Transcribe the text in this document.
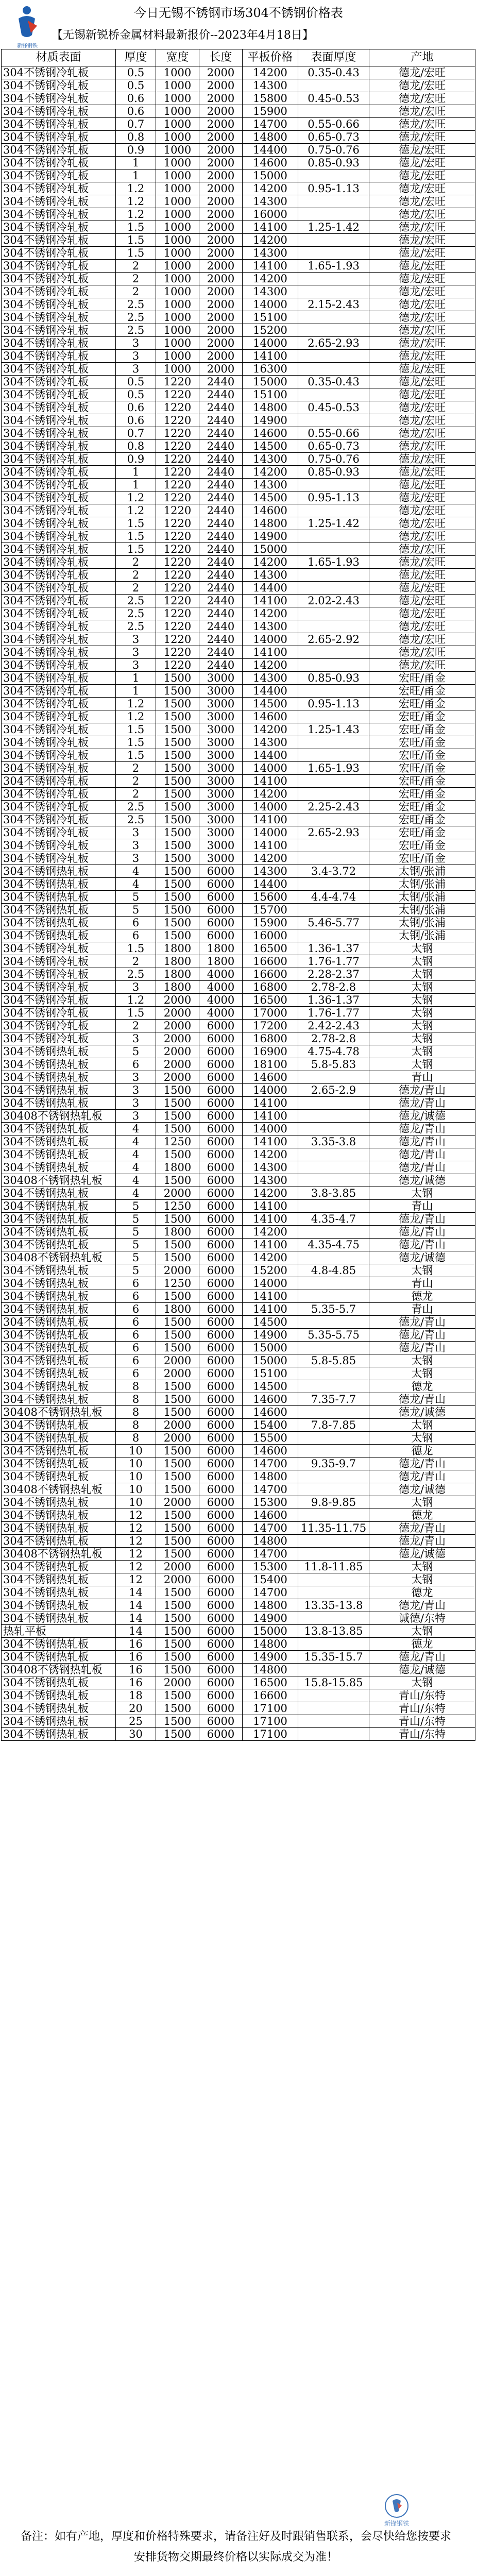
新锋钢铁
今日无锡不锈钢市场304不锈钢价格表
【无锡新锐桥金属材料最新报价--2023年4月18日】
材质表面	厚度	宽度	长度	平板价格	表面厚度	产地
304不锈钢冷轧板	0.5	1000	2000	14200	0.35-0.43	德龙/宏旺
304不锈钢冷轧板	0.5	1000	2000	14300		德龙/宏旺
304不锈钢冷轧板	0.6	1000	2000	15800	0.45-0.53	德龙/宏旺
304不锈钢冷轧板	0.6	1000	2000	15900		德龙/宏旺
304不锈钢冷轧板	0.7	1000	2000	14700	0.55-0.66	德龙/宏旺
304不锈钢冷轧板	0.8	1000	2000	14800	0.65-0.73	德龙/宏旺
304不锈钢冷轧板	0.9	1000	2000	14400	0.75-0.76	德龙/宏旺
304不锈钢冷轧板	1	1000	2000	14600	0.85-0.93	德龙/宏旺
304不锈钢冷轧板	1	1000	2000	15000		德龙/宏旺
304不锈钢冷轧板	1.2	1000	2000	14200	0.95-1.13	德龙/宏旺
304不锈钢冷轧板	1.2	1000	2000	14300		德龙/宏旺
304不锈钢冷轧板	1.2	1000	2000	16000		德龙/宏旺
304不锈钢冷轧板	1.5	1000	2000	14100	1.25-1.42	德龙/宏旺
304不锈钢冷轧板	1.5	1000	2000	14200		德龙/宏旺
304不锈钢冷轧板	1.5	1000	2000	14300		德龙/宏旺
304不锈钢冷轧板	2	1000	2000	14100	1.65-1.93	德龙/宏旺
304不锈钢冷轧板	2	1000	2000	14200		德龙/宏旺
304不锈钢冷轧板	2	1000	2000	14300		德龙/宏旺
304不锈钢冷轧板	2.5	1000	2000	14000	2.15-2.43	德龙/宏旺
304不锈钢冷轧板	2.5	1000	2000	15100		德龙/宏旺
304不锈钢冷轧板	2.5	1000	2000	15200		德龙/宏旺
304不锈钢冷轧板	3	1000	2000	14000	2.65-2.93	德龙/宏旺
304不锈钢冷轧板	3	1000	2000	14100		德龙/宏旺
304不锈钢冷轧板	3	1000	2000	16300		德龙/宏旺
304不锈钢冷轧板	0.5	1220	2440	15000	0.35-0.43	德龙/宏旺
304不锈钢冷轧板	0.5	1220	2440	15100		德龙/宏旺
304不锈钢冷轧板	0.6	1220	2440	14800	0.45-0.53	德龙/宏旺
304不锈钢冷轧板	0.6	1220	2440	14900		德龙/宏旺
304不锈钢冷轧板	0.7	1220	2440	14600	0.55-0.66	德龙/宏旺
304不锈钢冷轧板	0.8	1220	2440	14500	0.65-0.73	德龙/宏旺
304不锈钢冷轧板	0.9	1220	2440	14300	0.75-0.76	德龙/宏旺
304不锈钢冷轧板	1	1220	2440	14200	0.85-0.93	德龙/宏旺
304不锈钢冷轧板	1	1220	2440	14300		德龙/宏旺
304不锈钢冷轧板	1.2	1220	2440	14500	0.95-1.13	德龙/宏旺
304不锈钢冷轧板	1.2	1220	2440	14600		德龙/宏旺
304不锈钢冷轧板	1.5	1220	2440	14800	1.25-1.42	德龙/宏旺
304不锈钢冷轧板	1.5	1220	2440	14900		德龙/宏旺
304不锈钢冷轧板	1.5	1220	2440	15000		德龙/宏旺
304不锈钢冷轧板	2	1220	2440	14200	1.65-1.93	德龙/宏旺
304不锈钢冷轧板	2	1220	2440	14300		德龙/宏旺
304不锈钢冷轧板	2	1220	2440	14400		德龙/宏旺
304不锈钢冷轧板	2.5	1220	2440	14100	2.02-2.43	德龙/宏旺
304不锈钢冷轧板	2.5	1220	2440	14200		德龙/宏旺
304不锈钢冷轧板	2.5	1220	2440	14300		德龙/宏旺
304不锈钢冷轧板	3	1220	2440	14000	2.65-2.92	德龙/宏旺
304不锈钢冷轧板	3	1220	2440	14100		德龙/宏旺
304不锈钢冷轧板	3	1220	2440	14200		德龙/宏旺
304不锈钢冷轧板	1	1500	3000	14300	0.85-0.93	宏旺/甬金
304不锈钢冷轧板	1	1500	3000	14400		宏旺/甬金
304不锈钢冷轧板	1.2	1500	3000	14500	0.95-1.13	宏旺/甬金
304不锈钢冷轧板	1.2	1500	3000	14600		宏旺/甬金
304不锈钢冷轧板	1.5	1500	3000	14200	1.25-1.43	宏旺/甬金
304不锈钢冷轧板	1.5	1500	3000	14300		宏旺/甬金
304不锈钢冷轧板	1.5	1500	3000	14400		宏旺/甬金
304不锈钢冷轧板	2	1500	3000	14000	1.65-1.93	宏旺/甬金
304不锈钢冷轧板	2	1500	3000	14100		宏旺/甬金
304不锈钢冷轧板	2	1500	3000	14200		宏旺/甬金
304不锈钢冷轧板	2.5	1500	3000	14000	2.25-2.43	宏旺/甬金
304不锈钢冷轧板	2.5	1500	3000	14100		宏旺/甬金
304不锈钢冷轧板	3	1500	3000	14000	2.65-2.93	宏旺/甬金
304不锈钢冷轧板	3	1500	3000	14100		宏旺/甬金
304不锈钢冷轧板	3	1500	3000	14200		宏旺/甬金
304不锈钢热轧板	4	1500	6000	14300	3.4-3.72	太钢/张浦
304不锈钢热轧板	4	1500	6000	14400		太钢/张浦
304不锈钢热轧板	5	1500	6000	15600	4.4-4.74	太钢/张浦
304不锈钢热轧板	5	1500	6000	15700		太钢/张浦
304不锈钢热轧板	6	1500	6000	15900	5.46-5.77	太钢/张浦
304不锈钢热轧板	6	1500	6000	16000		太钢/张浦
304不锈钢冷轧板	1.5	1800	1800	16500	1.36-1.37	太钢
304不锈钢冷轧板	2	1800	1800	16600	1.76-1.77	太钢
304不锈钢冷轧板	2.5	1800	4000	16600	2.28-2.37	太钢
304不锈钢冷轧板	3	1800	4000	16800	2.78-2.8	太钢
304不锈钢冷轧板	1.2	2000	4000	16500	1.36-1.37	太钢
304不锈钢冷轧板	1.5	2000	4000	17000	1.76-1.77	太钢
304不锈钢冷轧板	2	2000	6000	17200	2.42-2.43	太钢
304不锈钢冷轧板	3	2000	6000	16800	2.78-2.8	太钢
304不锈钢热轧板	5	2000	6000	16900	4.75-4.78	太钢
304不锈钢热轧板	6	2000	6000	18100	5.8-5.83	太钢
304不锈钢热轧板	3	2000	6000	14600		青山
304不锈钢热轧板	3	1500	6000	14000	2.65-2.9	德龙/青山
304不锈钢热轧板	3	1500	6000	14100		德龙/青山
30408不锈钢热轧板	3	1500	6000	14100		德龙/诚德
304不锈钢热轧板	4	1500	6000	14000		德龙/青山
304不锈钢热轧板	4	1250	6000	14100	3.35-3.8	德龙/青山
304不锈钢热轧板	4	1500	6000	14200		德龙/青山
304不锈钢热轧板	4	1800	6000	14300		德龙/青山
30408不锈钢热轧板	4	1500	6000	14300		德龙/诚德
304不锈钢热轧板	4	2000	6000	14200	3.8-3.85	太钢
304不锈钢热轧板	5	1250	6000	14100		青山
304不锈钢热轧板	5	1500	6000	14100	4.35-4.7	德龙/青山
304不锈钢热轧板	5	1800	6000	14200		德龙/青山
304不锈钢热轧板	5	1500	6000	14100	4.35-4.75	德龙/青山
30408不锈钢热轧板	5	1500	6000	14200		德龙/诚德
304不锈钢热轧板	5	2000	6000	15200	4.8-4.85	太钢
304不锈钢热轧板	6	1250	6000	14000		青山
304不锈钢热轧板	6	1500	6000	14100		德龙
304不锈钢热轧板	6	1800	6000	14100	5.35-5.7	青山
304不锈钢热轧板	6	1500	6000	14500		德龙/青山
304不锈钢热轧板	6	1500	6000	14900	5.35-5.75	德龙/青山
304不锈钢热轧板	6	1500	6000	15000		德龙/青山
304不锈钢热轧板	6	2000	6000	15000	5.8-5.85	太钢
304不锈钢热轧板	6	2000	6000	15100		太钢
304不锈钢热轧板	8	1500	6000	14500		德龙
304不锈钢热轧板	8	1500	6000	14600	7.35-7.7	德龙/青山
30408不锈钢热轧板	8	1500	6000	14600		德龙/诚德
304不锈钢热轧板	8	2000	6000	15400	7.8-7.85	太钢
304不锈钢热轧板	8	2000	6000	15500		太钢
304不锈钢热轧板	10	1500	6000	14600		德龙
304不锈钢热轧板	10	1500	6000	14700	9.35-9.7	德龙/青山
304不锈钢热轧板	10	1500	6000	14800		德龙/青山
30408不锈钢热轧板	10	1500	6000	14700		德龙/诚德
304不锈钢热轧板	10	2000	6000	15300	9.8-9.85	太钢
304不锈钢热轧板	12	1500	6000	14600		德龙
304不锈钢热轧板	12	1500	6000	14700	11.35-11.75	德龙/青山
304不锈钢热轧板	12	1500	6000	14800		德龙/青山
30408不锈钢热轧板	12	1500	6000	14700		德龙/诚德
304不锈钢热轧板	12	2000	6000	15300	11.8-11.85	太钢
304不锈钢热轧板	12	2000	6000	15400		太钢
304不锈钢热轧板	14	1500	6000	14700		德龙
304不锈钢热轧板	14	1500	6000	14800	13.35-13.8	德龙/青山
304不锈钢热轧板	14	1500	6000	14900		诚德/东特
热轧平板	14	1500	6000	15000	13.8-13.85	太钢
304不锈钢热轧板	16	1500	6000	14800		德龙
304不锈钢热轧板	16	1500	6000	14900	15.35-15.7	德龙/青山
30408不锈钢热轧板	16	1500	6000	14800		德龙/诚德
304不锈钢热轧板	16	2000	6000	16500	15.8-15.85	太钢
304不锈钢热轧板	18	1500	6000	16600		青山/东特
304不锈钢热轧板	20	1500	6000	17100		青山/东特
304不锈钢热轧板	25	1500	6000	17100		青山/东特
304不锈钢热轧板	30	1500	6000	17100		青山/东特
新锋钢铁
备注：如有产地，厚度和价格特殊要求，请备注好及时跟销售联系，会尽快给您按要求
安排货物交期最终价格以实际成交为准！
